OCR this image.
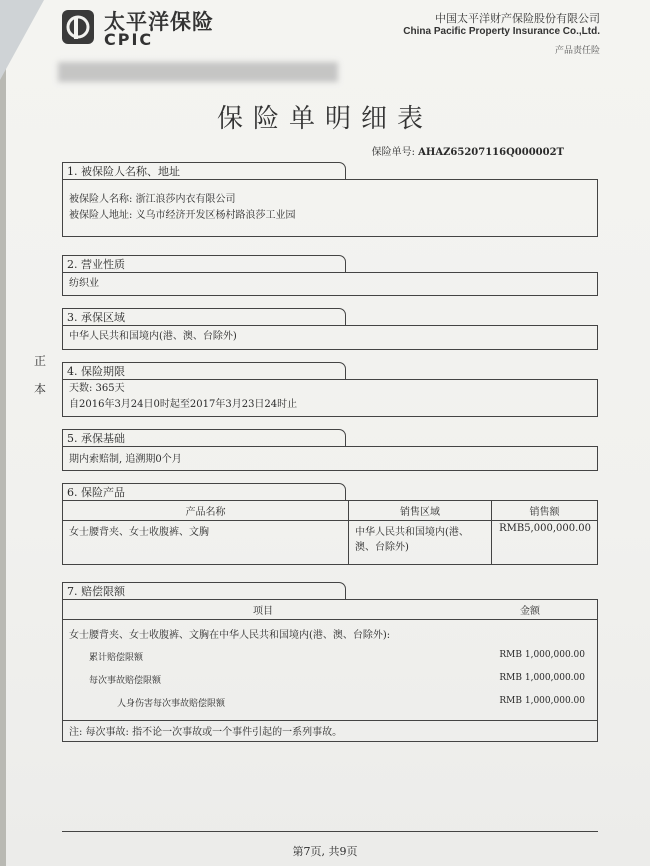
太平洋保险
CPIC
中国太平洋财产保险股份有限公司
China Pacific Property Insurance Co.,Ltd.
产品责任险
保险单明细表
保险单号: AHAZ65207116Q000002T
正
本
1. 被保险人名称、地址
被保险人名称: 浙江浪莎内衣有限公司
被保险人地址: 义乌市经济开发区杨村路浪莎工业园
2. 营业性质
纺织业
3. 承保区域
中华人民共和国境内(港、澳、台除外)
4. 保险期限
天数: 365天
自2016年3月24日0时起至2017年3月23日24时止
5. 承保基础
期内索赔制, 追溯期0个月
6. 保险产品
产品名称	销售区域	销售额
女士腰背夹、女士收腹裤、文胸	中华人民共和国境内(港、澳、台除外)	RMB5,000,000.00
7. 赔偿限额
项目	金额

女士腰背夹、女士收腹裤、文胸在中华人民共和国境内(港、澳、台除外):
累计赔偿限额	RMB 1,000,000.00
每次事故赔偿限额	RMB 1,000,000.00
人身伤害每次事故赔偿限额	RMB 1,000,000.00

注: 每次事故: 指不论一次事故或一个事件引起的一系列事故。
第7页, 共9页
